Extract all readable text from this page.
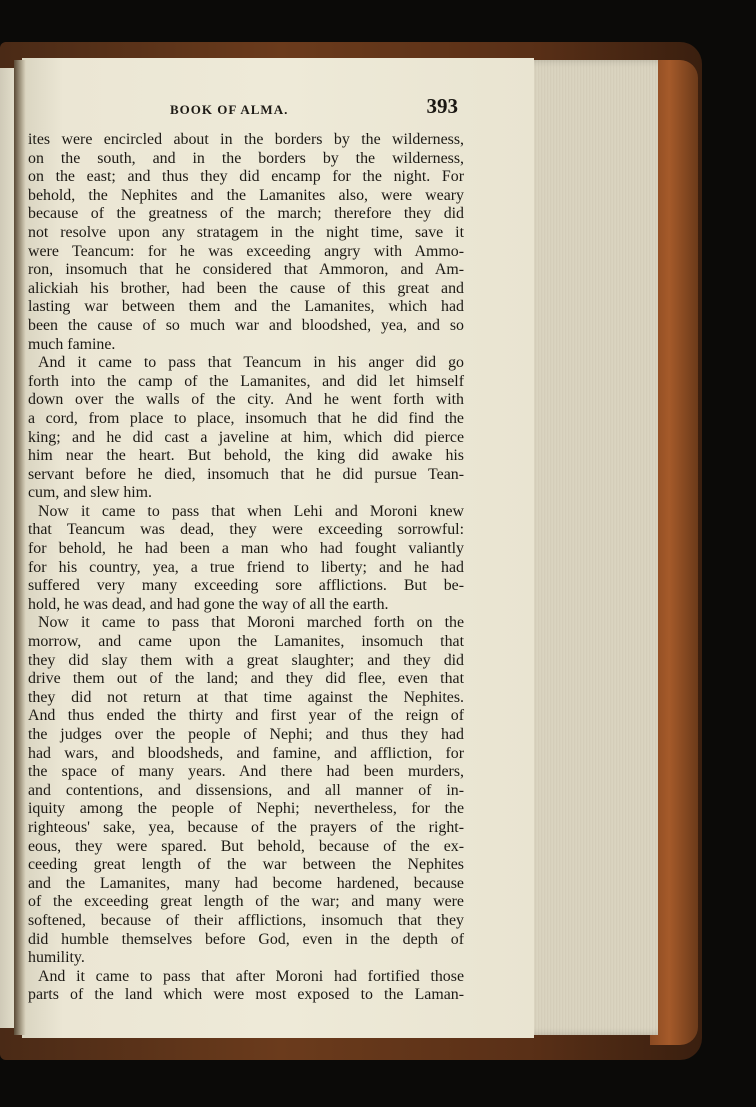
BOOK OF ALMA.	393
ites were encircled about in the borders by the wilderness,
on the south, and in the borders by the wilderness,
on the east; and thus they did encamp for the night. For
behold, the Nephites and the Lamanites also, were weary
because of the greatness of the march; therefore they did
not resolve upon any stratagem in the night time, save it
were Teancum: for he was exceeding angry with Ammo-
ron, insomuch that he considered that Ammoron, and Am-
alickiah his brother, had been the cause of this great and
lasting war between them and the Lamanites, which had
been the cause of so much war and bloodshed, yea, and so
much famine.
And it came to pass that Teancum in his anger did go
forth into the camp of the Lamanites, and did let himself
down over the walls of the city. And he went forth with
a cord, from place to place, insomuch that he did find the
king; and he did cast a javeline at him, which did pierce
him near the heart. But behold, the king did awake his
servant before he died, insomuch that he did pursue Tean-
cum, and slew him.
Now it came to pass that when Lehi and Moroni knew
that Teancum was dead, they were exceeding sorrowful:
for behold, he had been a man who had fought valiantly
for his country, yea, a true friend to liberty; and he had
suffered very many exceeding sore afflictions. But be-
hold, he was dead, and had gone the way of all the earth.
Now it came to pass that Moroni marched forth on the
morrow, and came upon the Lamanites, insomuch that
they did slay them with a great slaughter; and they did
drive them out of the land; and they did flee, even that
they did not return at that time against the Nephites.
And thus ended the thirty and first year of the reign of
the judges over the people of Nephi; and thus they had
had wars, and bloodsheds, and famine, and affliction, for
the space of many years. And there had been murders,
and contentions, and dissensions, and all manner of in-
iquity among the people of Nephi; nevertheless, for the
righteous' sake, yea, because of the prayers of the right-
eous, they were spared. But behold, because of the ex-
ceeding great length of the war between the Nephites
and the Lamanites, many had become hardened, because
of the exceeding great length of the war; and many were
softened, because of their afflictions, insomuch that they
did humble themselves before God, even in the depth of
humility.
And it came to pass that after Moroni had fortified those
parts of the land which were most exposed to the Laman-
